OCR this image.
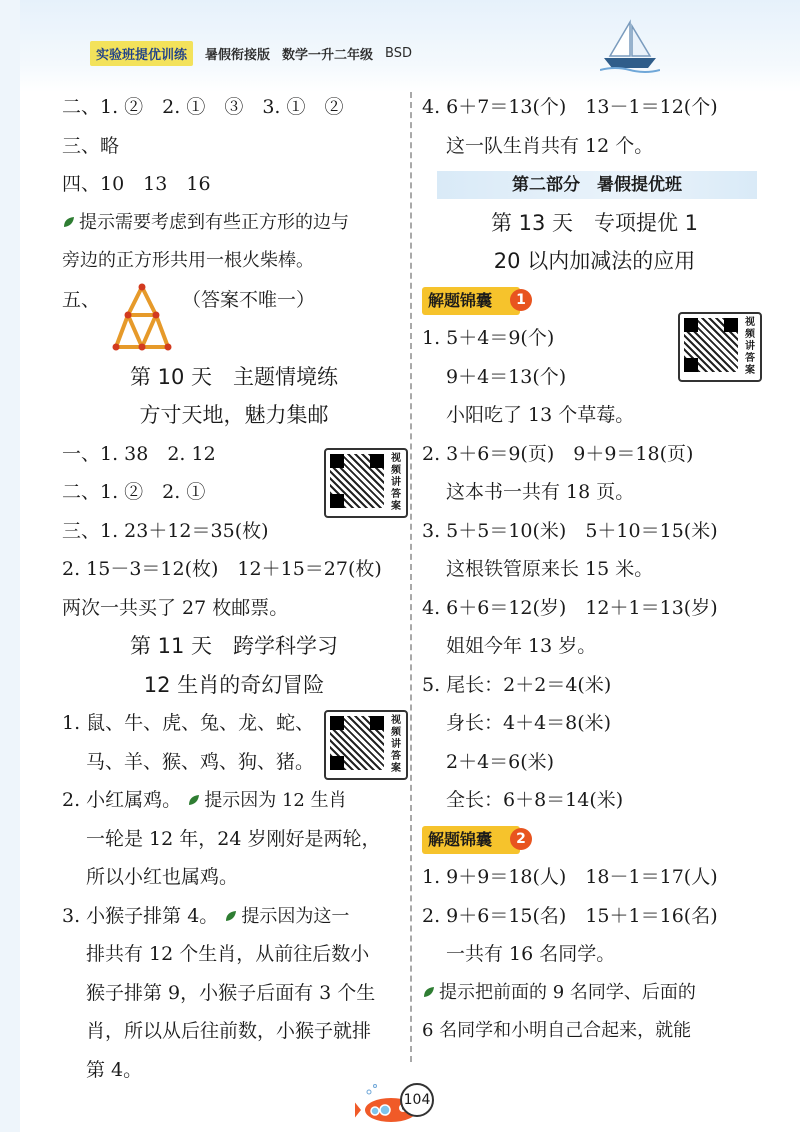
实验班提优训练	暑假衔接版 数学一升二年级 BSD
二、1. ②　2. ①　③　3. ①　②
三、略
四、10　13　16
提示需要考虑到有些正方形的边与
旁边的正方形共用一根火柴棒。
五、	（答案不唯一）
第 10 天　主题情境练
方寸天地，魅力集邮
一、1. 38　2. 12
二、1. ②　2. ①
三、1. 23＋12＝35(枚)
2. 15－3＝12(枚)　12＋15＝27(枚)
两次一共买了 27 枚邮票。
第 11 天　跨学科学习
12 生肖的奇幻冒险
1. 鼠、牛、虎、兔、龙、蛇、
马、羊、猴、鸡、狗、猪。
2. 小红属鸡。 提示因为 12 生肖
一轮是 12 年，24 岁刚好是两轮，
所以小红也属鸡。
3. 小猴子排第 4。 提示因为这一
排共有 12 个生肖，从前往后数小
猴子排第 9，小猴子后面有 3 个生
肖，所以从后往前数，小猴子就排
第 4。
视频讲答案
视频讲答案
视频讲答案
4. 6＋7＝13(个)　13－1＝12(个)
这一队生肖共有 12 个。
第二部分　暑假提优班
第 13 天　专项提优 1
20 以内加减法的应用
解题锦囊	1
1. 5＋4＝9(个)
9＋4＝13(个)
小阳吃了 13 个草莓。
2. 3＋6＝9(页)　9＋9＝18(页)
这本书一共有 18 页。
3. 5＋5＝10(米)　5＋10＝15(米)
这根铁管原来长 15 米。
4. 6＋6＝12(岁)　12＋1＝13(岁)
姐姐今年 13 岁。
5. 尾长：2＋2＝4(米)
身长：4＋4＝8(米)
2＋4＝6(米)
全长：6＋8＝14(米)
解题锦囊	2
1. 9＋9＝18(人)　18－1＝17(人)
2. 9＋6＝15(名)　15＋1＝16(名)
一共有 16 名同学。
提示把前面的 9 名同学、后面的
6 名同学和小明自己合起来，就能
104
